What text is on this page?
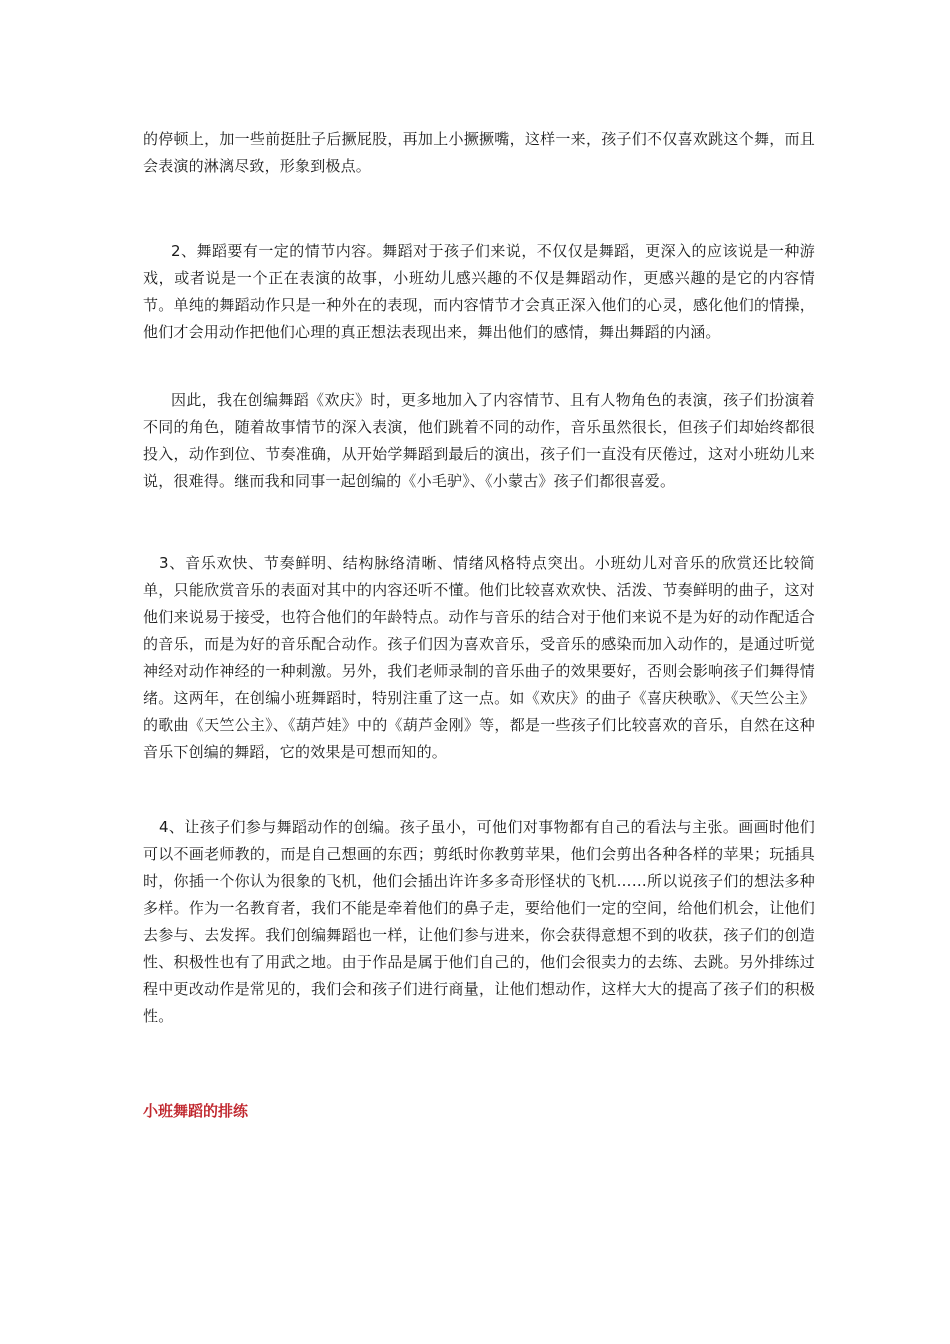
的停顿上，加一些前挺肚子后撅屁股，再加上小撅撅嘴，这样一来，孩子们不仅喜欢跳这个舞，而且会表演的淋漓尽致，形象到极点。

2、舞蹈要有一定的情节内容。舞蹈对于孩子们来说，不仅仅是舞蹈，更深入的应该说是一种游戏，或者说是一个正在表演的故事，小班幼儿感兴趣的不仅是舞蹈动作，更感兴趣的是它的内容情节。单纯的舞蹈动作只是一种外在的表现，而内容情节才会真正深入他们的心灵，感化他们的情操，他们才会用动作把他们心理的真正想法表现出来，舞出他们的感情，舞出舞蹈的内涵。

因此，我在创编舞蹈《欢庆》时，更多地加入了内容情节、且有人物角色的表演，孩子们扮演着不同的角色，随着故事情节的深入表演，他们跳着不同的动作，音乐虽然很长，但孩子们却始终都很投入，动作到位、节奏准确，从开始学舞蹈到最后的演出，孩子们一直没有厌倦过，这对小班幼儿来说，很难得。继而我和同事一起创编的《小毛驴》、《小蒙古》孩子们都很喜爱。

3、音乐欢快、节奏鲜明、结构脉络清晰、情绪风格特点突出。小班幼儿对音乐的欣赏还比较简单，只能欣赏音乐的表面对其中的内容还听不懂。他们比较喜欢欢快、活泼、节奏鲜明的曲子，这对他们来说易于接受，也符合他们的年龄特点。动作与音乐的结合对于他们来说不是为好的动作配适合的音乐，而是为好的音乐配合动作。孩子们因为喜欢音乐，受音乐的感染而加入动作的，是通过听觉神经对动作神经的一种刺激。另外，我们老师录制的音乐曲子的效果要好，否则会影响孩子们舞得情绪。这两年，在创编小班舞蹈时，特别注重了这一点。如《欢庆》的曲子《喜庆秧歌》、《天竺公主》的歌曲《天竺公主》、《葫芦娃》中的《葫芦金刚》等，都是一些孩子们比较喜欢的音乐，自然在这种音乐下创编的舞蹈，它的效果是可想而知的。

4、让孩子们参与舞蹈动作的创编。孩子虽小，可他们对事物都有自己的看法与主张。画画时他们可以不画老师教的，而是自己想画的东西；剪纸时你教剪苹果，他们会剪出各种各样的苹果；玩插具时，你插一个你认为很象的飞机，他们会插出许许多多奇形怪状的飞机……所以说孩子们的想法多种多样。作为一名教育者，我们不能是牵着他们的鼻子走，要给他们一定的空间，给他们机会，让他们去参与、去发挥。我们创编舞蹈也一样，让他们参与进来，你会获得意想不到的收获，孩子们的创造性、积极性也有了用武之地。由于作品是属于他们自己的，他们会很卖力的去练、去跳。另外排练过程中更改动作是常见的，我们会和孩子们进行商量，让他们想动作，这样大大的提高了孩子们的积极性。

小班舞蹈的排练
